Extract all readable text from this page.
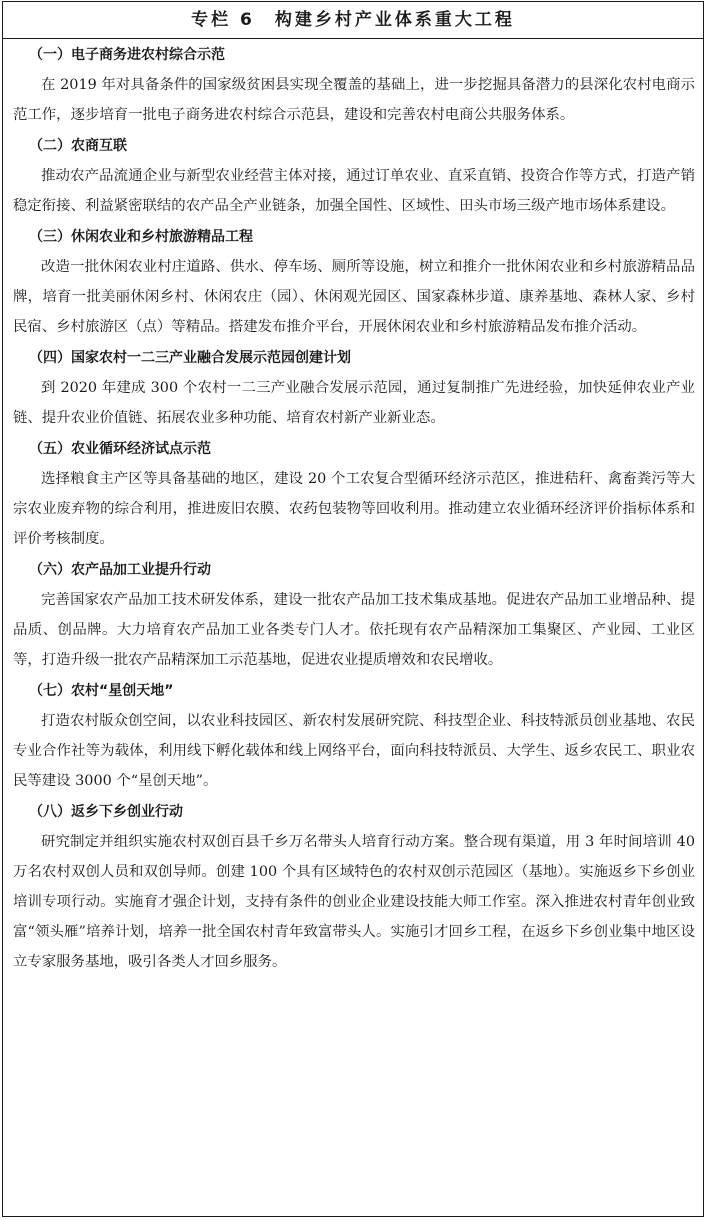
专栏 6　构建乡村产业体系重大工程
（一）电子商务进农村综合示范

在 2019 年对具备条件的国家级贫困县实现全覆盖的基础上，进一步挖掘具备潜力的县深化农村电商示范工作，逐步培育一批电子商务进农村综合示范县，建设和完善农村电商公共服务体系。

（二）农商互联

推动农产品流通企业与新型农业经营主体对接，通过订单农业、直采直销、投资合作等方式，打造产销稳定衔接、利益紧密联结的农产品全产业链条，加强全国性、区域性、田头市场三级产地市场体系建设。

（三）休闲农业和乡村旅游精品工程

改造一批休闲农业村庄道路、供水、停车场、厕所等设施，树立和推介一批休闲农业和乡村旅游精品品牌，培育一批美丽休闲乡村、休闲农庄（园）、休闲观光园区、国家森林步道、康养基地、森林人家、乡村民宿、乡村旅游区（点）等精品。搭建发布推介平台，开展休闲农业和乡村旅游精品发布推介活动。

（四）国家农村一二三产业融合发展示范园创建计划

到 2020 年建成 300 个农村一二三产业融合发展示范园，通过复制推广先进经验，加快延伸农业产业链、提升农业价值链、拓展农业多种功能、培育农村新产业新业态。

（五）农业循环经济试点示范

选择粮食主产区等具备基础的地区，建设 20 个工农复合型循环经济示范区，推进秸秆、禽畜粪污等大宗农业废弃物的综合利用，推进废旧农膜、农药包装物等回收利用。推动建立农业循环经济评价指标体系和评价考核制度。

（六）农产品加工业提升行动

完善国家农产品加工技术研发体系，建设一批农产品加工技术集成基地。促进农产品加工业增品种、提品质、创品牌。大力培育农产品加工业各类专门人才。依托现有农产品精深加工集聚区、产业园、工业区等，打造升级一批农产品精深加工示范基地，促进农业提质增效和农民增收。

（七）农村“星创天地”

打造农村版众创空间，以农业科技园区、新农村发展研究院、科技型企业、科技特派员创业基地、农民专业合作社等为载体，利用线下孵化载体和线上网络平台，面向科技特派员、大学生、返乡农民工、职业农民等建设 3000 个“星创天地”。

（八）返乡下乡创业行动

研究制定并组织实施农村双创百县千乡万名带头人培育行动方案。整合现有渠道，用 3 年时间培训 40 万名农村双创人员和双创导师。创建 100 个具有区域特色的农村双创示范园区（基地）。实施返乡下乡创业培训专项行动。实施育才强企计划，支持有条件的创业企业建设技能大师工作室。深入推进农村青年创业致富“领头雁”培养计划，培养一批全国农村青年致富带头人。实施引才回乡工程，在返乡下乡创业集中地区设立专家服务基地，吸引各类人才回乡服务。
